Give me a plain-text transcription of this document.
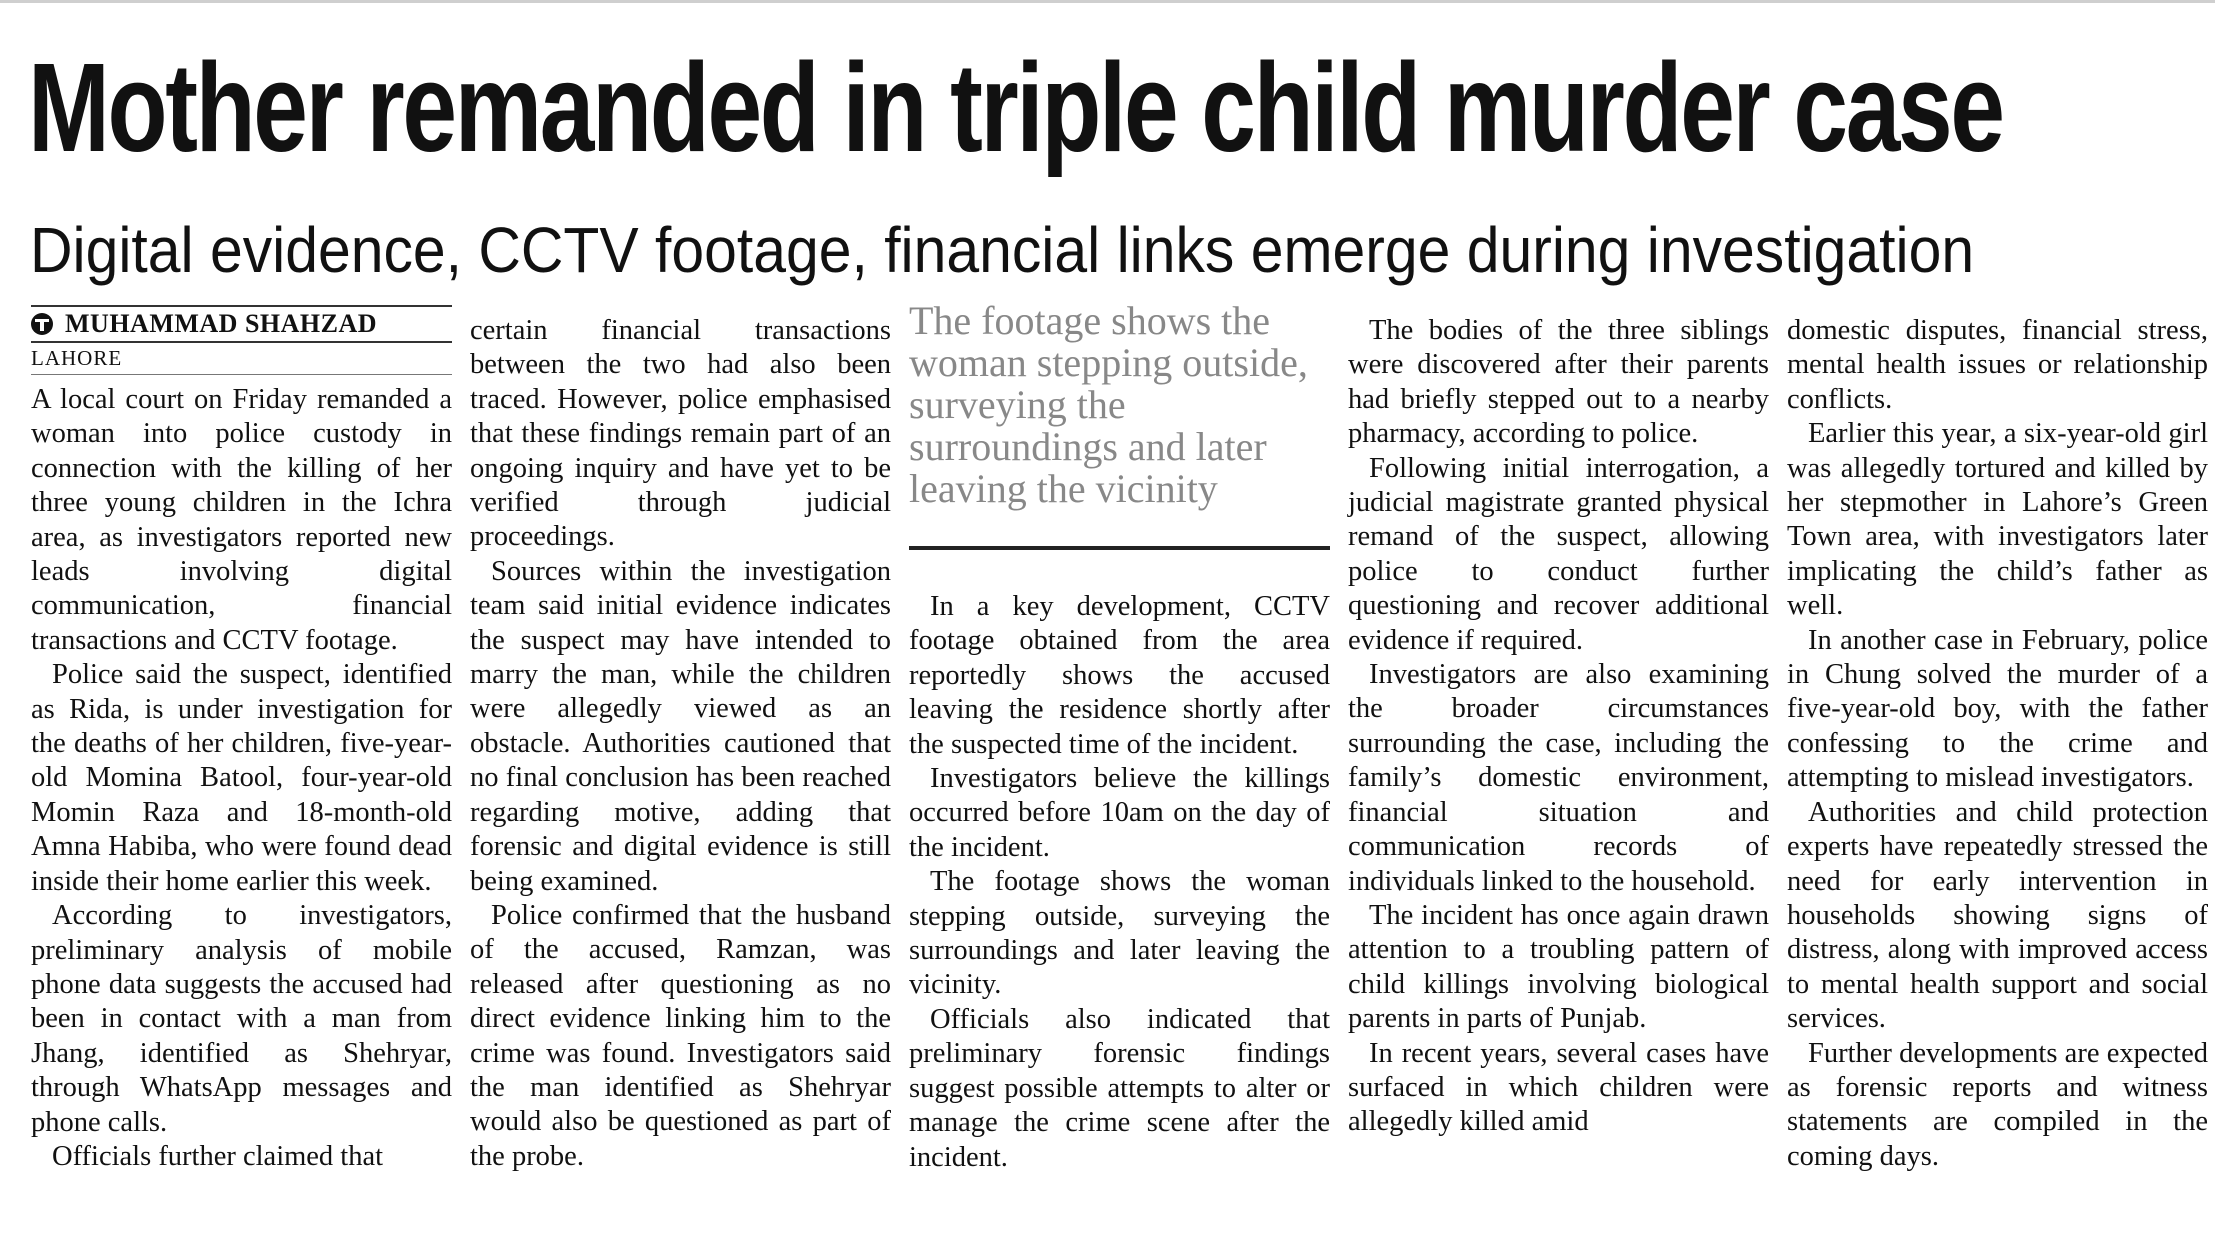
Mother remanded in triple child murder case
Digital evidence, CCTV footage, financial links emerge during investigation
MUHAMMAD SHAHZAD
LAHORE

A local court on Friday remanded a woman into police custody in connection with the killing of her three young children in the Ichra area, as investigators reported new leads involving digital communication, financial transactions and CCTV footage.

Police said the suspect, identified as Rida, is under investigation for the deaths of her children, five-year-old Momina Batool, four-year-old Momin Raza and 18-month-old Amna Habiba, who were found dead inside their home earlier this week.

According to investigators, preliminary analysis of mobile phone data suggests the accused had been in contact with a man from Jhang, identified as Shehryar, through WhatsApp messages and phone calls.

Officials further claimed that

certain financial transactions between the two had also been traced. However, police emphasised that these findings remain part of an ongoing inquiry and have yet to be verified through judicial proceedings.

Sources within the investigation team said initial evidence indicates the suspect may have intended to marry the man, while the children were allegedly viewed as an obstacle. Authorities cautioned that no final conclusion has been reached regarding motive, adding that forensic and digital evidence is still being examined.

Police confirmed that the husband of the accused, Ramzan, was released after questioning as no direct evidence linking him to the crime was found. Investigators said the man identified as Shehryar would also be questioned as part of the probe.

The footage shows the woman stepping outside, surveying the surroundings and later leaving the vicinity

In a key development, CCTV footage obtained from the area reportedly shows the accused leaving the residence shortly after the suspected time of the incident.

Investigators believe the killings occurred before 10am on the day of the incident.

The footage shows the woman stepping outside, surveying the surroundings and later leaving the vicinity.

Officials also indicated that preliminary forensic findings suggest possible attempts to alter or manage the crime scene after the incident.

The bodies of the three siblings were discovered after their parents had briefly stepped out to a nearby pharmacy, according to police.

Following initial interrogation, a judicial magistrate granted physical remand of the suspect, allowing police to conduct further questioning and recover additional evidence if required.

Investigators are also examining the broader circumstances surrounding the case, including the family’s domestic environment, financial situation and communication records of individuals linked to the household.

The incident has once again drawn attention to a troubling pattern of child killings involving biological parents in parts of Punjab.

In recent years, several cases have surfaced in which children were allegedly killed amid

domestic disputes, financial stress, mental health issues or relationship conflicts.

Earlier this year, a six-year-old girl was allegedly tortured and killed by her stepmother in Lahore’s Green Town area, with investigators later implicating the child’s father as well.

In another case in February, police in Chung solved the murder of a five-year-old boy, with the father confessing to the crime and attempting to mislead investigators.

Authorities and child protection experts have repeatedly stressed the need for early intervention in households showing signs of distress, along with improved access to mental health support and social services.

Further developments are expected as forensic reports and witness statements are compiled in the coming days.
